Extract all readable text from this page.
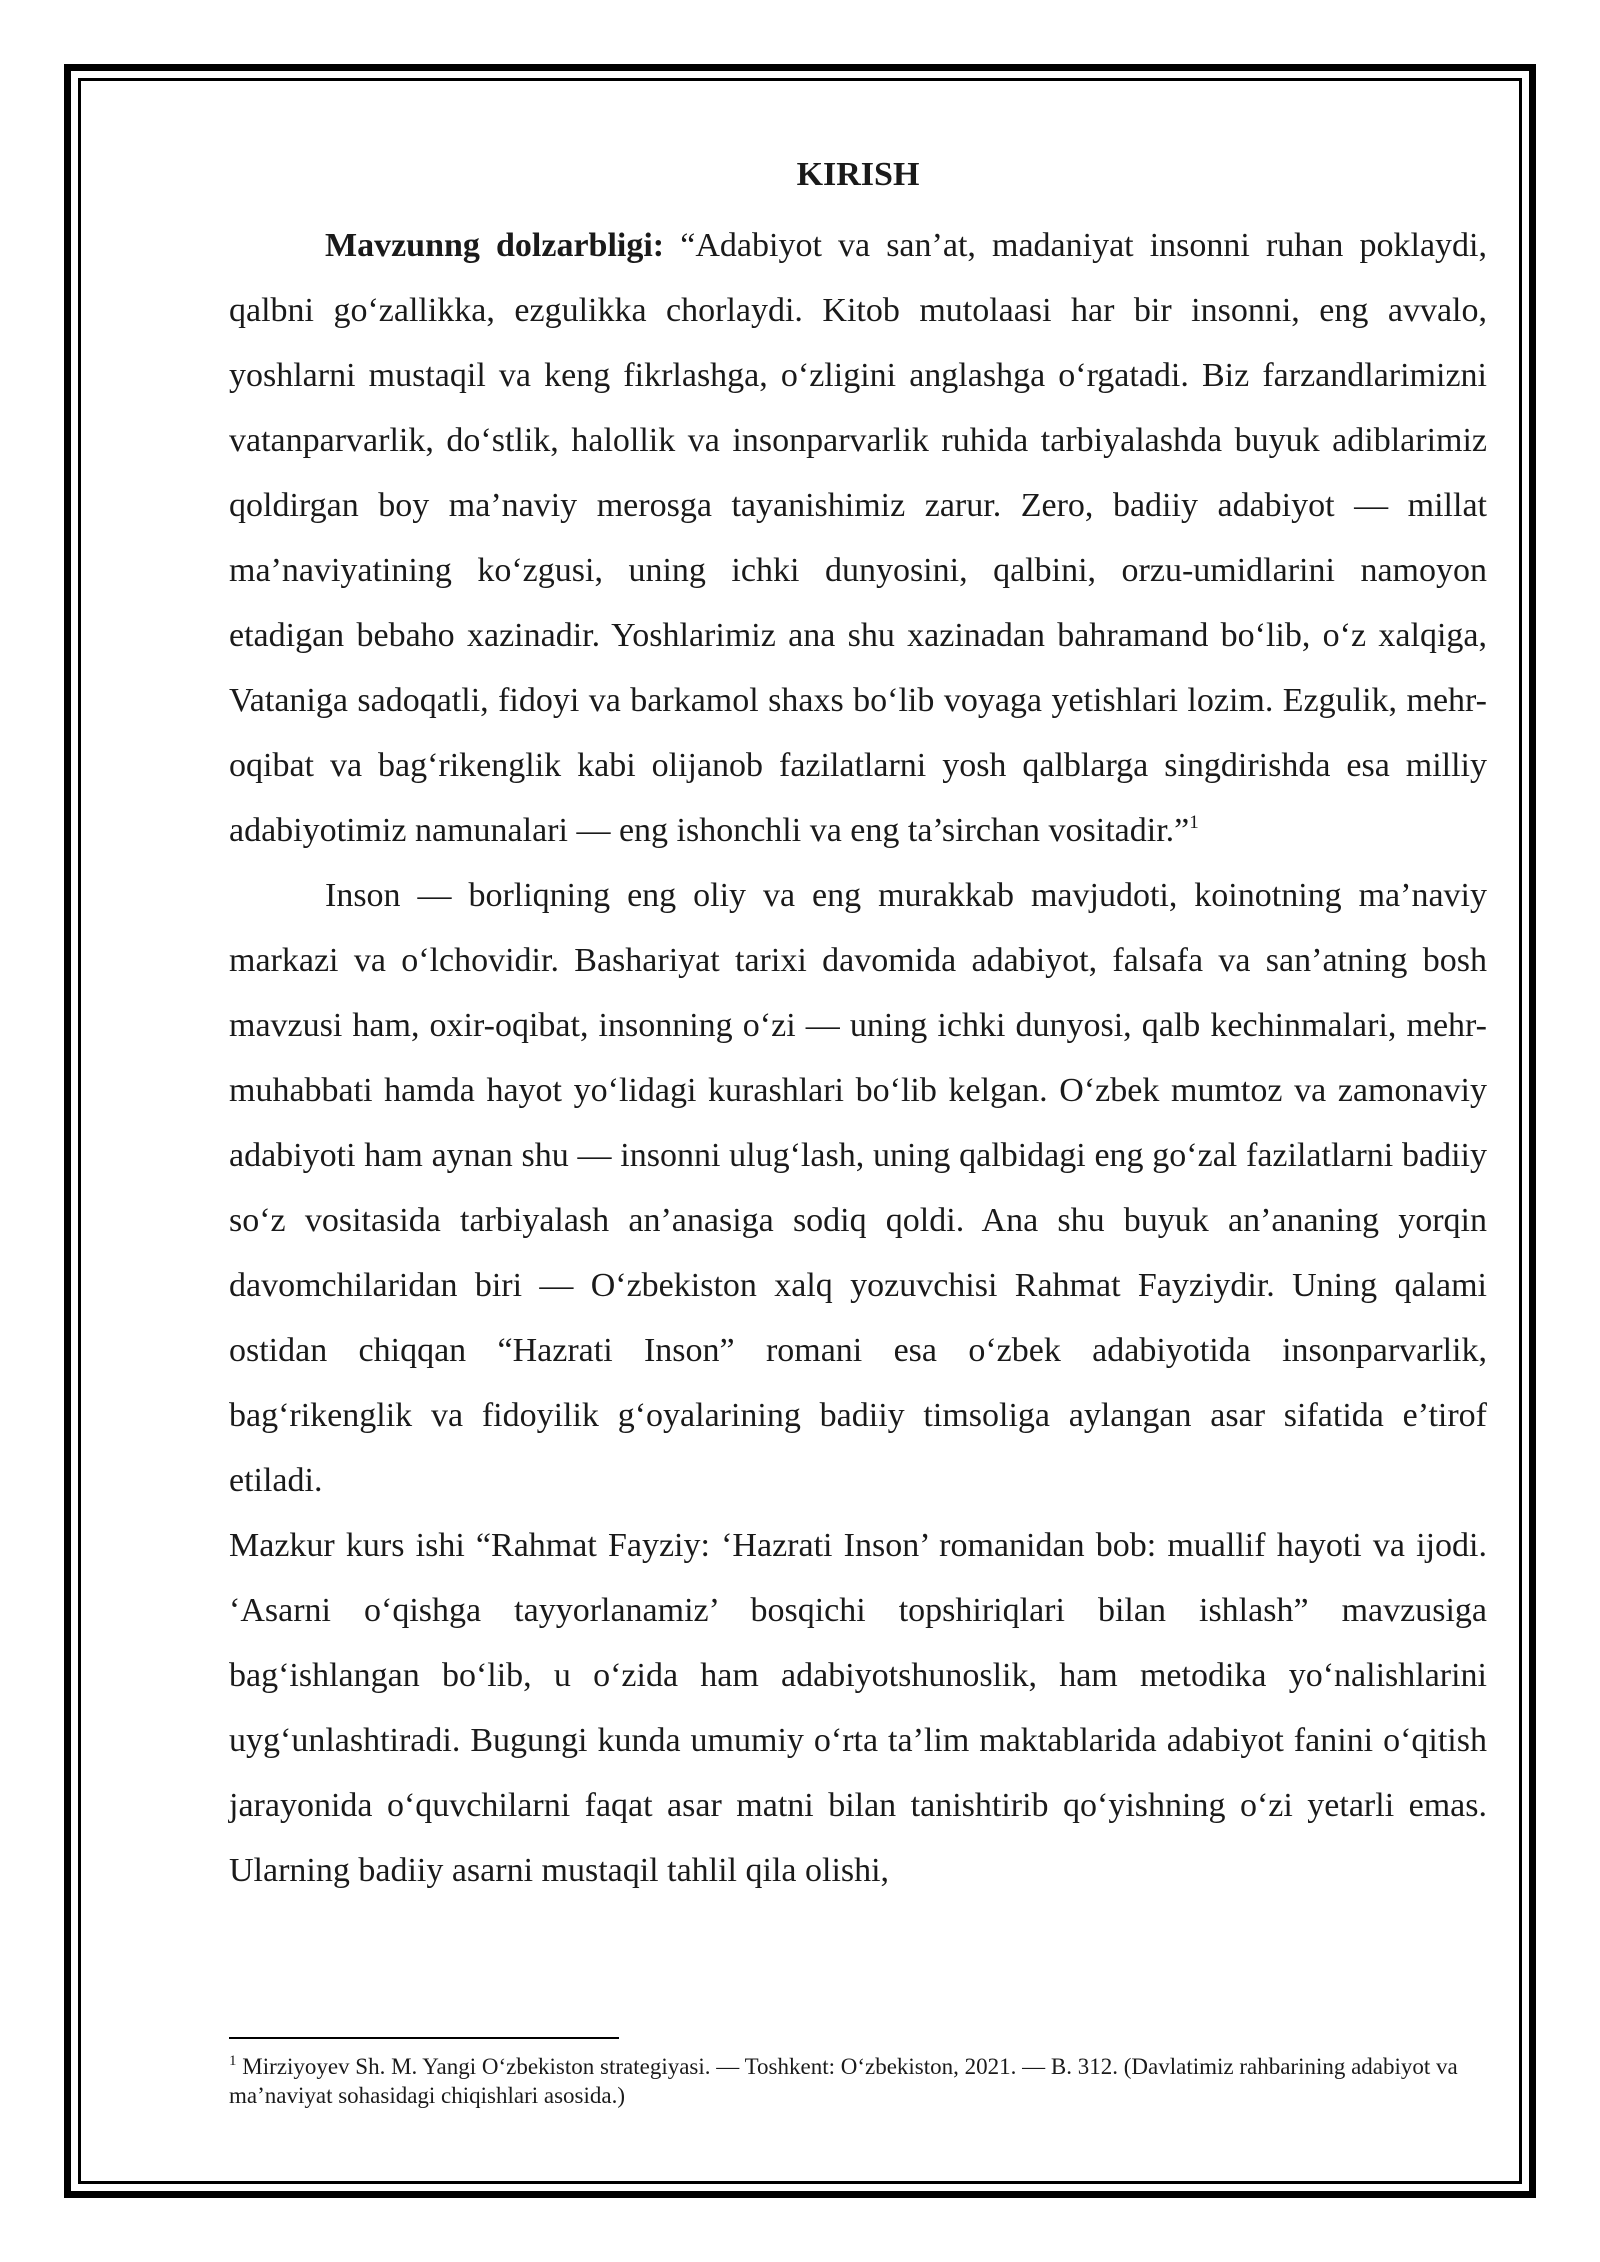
KIRISH

Mavzunng dolzarbligi: “Adabiyot va san’at, madaniyat insonni ruhan poklaydi, qalbni go‘zallikka, ezgulikka chorlaydi. Kitob mutolaasi har bir insonni, eng avvalo, yoshlarni mustaqil va keng fikrlashga, o‘zligini anglashga o‘rgatadi. Biz farzandlarimizni vatanparvarlik, do‘stlik, halollik va insonparvarlik ruhida tarbiyalashda buyuk adiblarimiz qoldirgan boy ma’naviy merosga tayanishimiz zarur. Zero, badiiy adabiyot — millat ma’naviyatining ko‘zgusi, uning ichki dunyosini, qalbini, orzu-umidlarini namoyon etadigan bebaho xazinadir. Yoshlarimiz ana shu xazinadan bahramand bo‘lib, o‘z xalqiga, Vataniga sadoqatli, fidoyi va barkamol shaxs bo‘lib voyaga yetishlari lozim. Ezgulik, mehr-oqibat va bag‘rikenglik kabi olijanob fazilatlarni yosh qalblarga singdirishda esa milliy adabiyotimiz namunalari — eng ishonchli va eng ta’sirchan vositadir.”$^1$

Inson — borliqning eng oliy va eng murakkab mavjudoti, koinotning ma’naviy markazi va o‘lchovidir. Bashariyat tarixi davomida adabiyot, falsafa va san’atning bosh mavzusi ham, oxir-oqibat, insonning o‘zi — uning ichki dunyosi, qalb kechinmalari, mehr-muhabbati hamda hayot yo‘lidagi kurashlari bo‘lib kelgan. O‘zbek mumtoz va zamonaviy adabiyoti ham aynan shu — insonni ulug‘lash, uning qalbidagi eng go‘zal fazilatlarni badiiy so‘z vositasida tarbiyalash an’anasiga sodiq qoldi. Ana shu buyuk an’ananing yorqin davomchilaridan biri — O‘zbekiston xalq yozuvchisi Rahmat Fayziydir. Uning qalami ostidan chiqqan “Hazrati Inson” romani esa o‘zbek adabiyotida insonparvarlik, bag‘rikenglik va fidoyilik g‘oyalarining badiiy timsoliga aylangan asar sifatida e’tirof etiladi.

Mazkur kurs ishi “Rahmat Fayziy: ‘Hazrati Inson’ romanidan bob: muallif hayoti va ijodi. ‘Asarni o‘qishga tayyorlanamiz’ bosqichi topshiriqlari bilan ishlash” mavzusiga bag‘ishlangan bo‘lib, u o‘zida ham adabiyotshunoslik, ham metodika yo‘nalishlarini uyg‘unlashtiradi. Bugungi kunda umumiy o‘rta ta’lim maktablarida adabiyot fanini o‘qitish jarayonida o‘quvchilarni faqat asar matni bilan tanishtirib qo‘yishning o‘zi yetarli emas. Ularning badiiy asarni mustaqil tahlil qila olishi,

$^1$ Mirziyoyev Sh. M. Yangi O‘zbekiston strategiyasi. — Toshkent: O‘zbekiston, 2021. — B. 312. (Davlatimiz rahbarining adabiyot va ma’naviyat sohasidagi chiqishlari asosida.)
